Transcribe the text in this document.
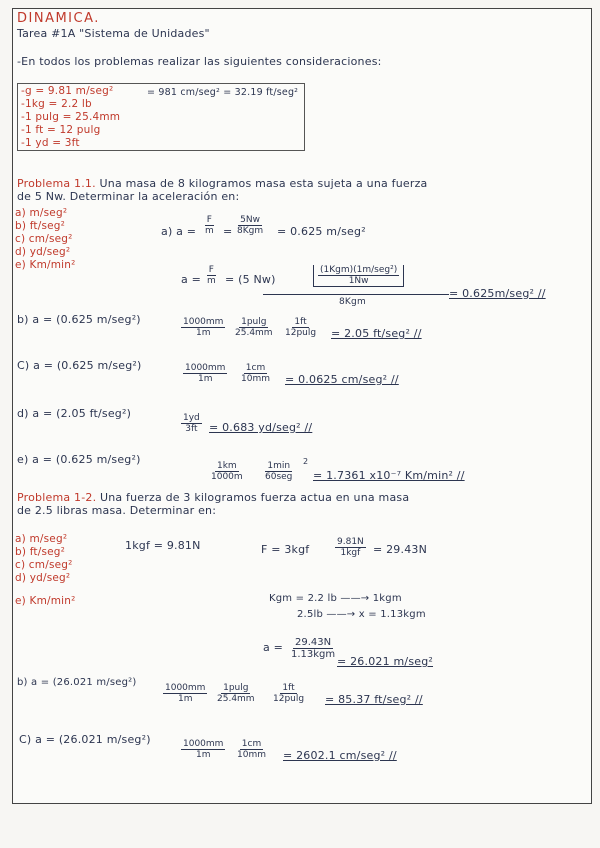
DINAMICA.
Tarea #1A "Sistema de Unidades"
-En todos los problemas realizar las siguientes consideraciones:
-g = 9.81 m/seg²	= 981 cm/seg² = 32.19 ft/seg²
-1kg = 2.2 lb
-1 pulg = 25.4mm
-1 ft = 12 pulg
-1 yd = 3ft
Problema 1.1. Una masa de 8 kilogramos masa esta sujeta a una fuerza
de 5 Nw. Determinar la aceleración en:
a) m/seg²
b) ft/seg²
c) cm/seg²
d) yd/seg²
e) Km/min²
a) $a = \frac{F}{m}$ =
5Nw
8Kgm = 0.625 m/seg²
$a = \frac{F}{m} = (5$ Nw)
(1Kgm)(1m/seg²)
1Nw
8Kgm
= 0.625m/seg² //
b) a = (0.625 m/seg²)	$\frac{1000mm}{1m} \frac{1pulg}{25.4mm} \frac{1ft}{12pulg} = 2.05$ ft/seg² //
C) a = (0.625 m/seg²)	$\frac{1000mm}{1m} \frac{1cm}{10mm} = 0.0625$ cm/seg² //
d) a = (2.05 ft/seg²)	$\frac{1yd}{3ft} = 0.683$ yd/seg² //
e) a = (0.625 m/seg²)
$\frac{1km}{1000m}$	1min
60seg
2
= 1.7361 x10⁻⁷ Km/min² //
Problema 1-2. Una fuerza de 3 kilogramos fuerza actua en una masa
de 2.5 libras masa. Determinar en:
a) m/seg²
b) ft/seg²
c) cm/seg²
d) yd/seg²
e) Km/min²
1kgf = 9.81N	F = 3kgf
9.81N
1kgf = 29.43N
Kgm = 2.2 lb ——→ 1kgm
2.5lb ——→ x = 1.13kgm
a = 29.43N
1.13kgm
= 26.021 m/seg²
b) a = (26.021 m/seg²)
$\frac{1000mm}{1m} \frac{1pulg}{25.4mm} \frac{1ft}{12pulg} = 85.37$ ft/seg² //
C) a = (26.021 m/seg²)	$\frac{1000mm}{1m} \frac{1cm}{10mm} = 2602.1$ cm/seg² //
